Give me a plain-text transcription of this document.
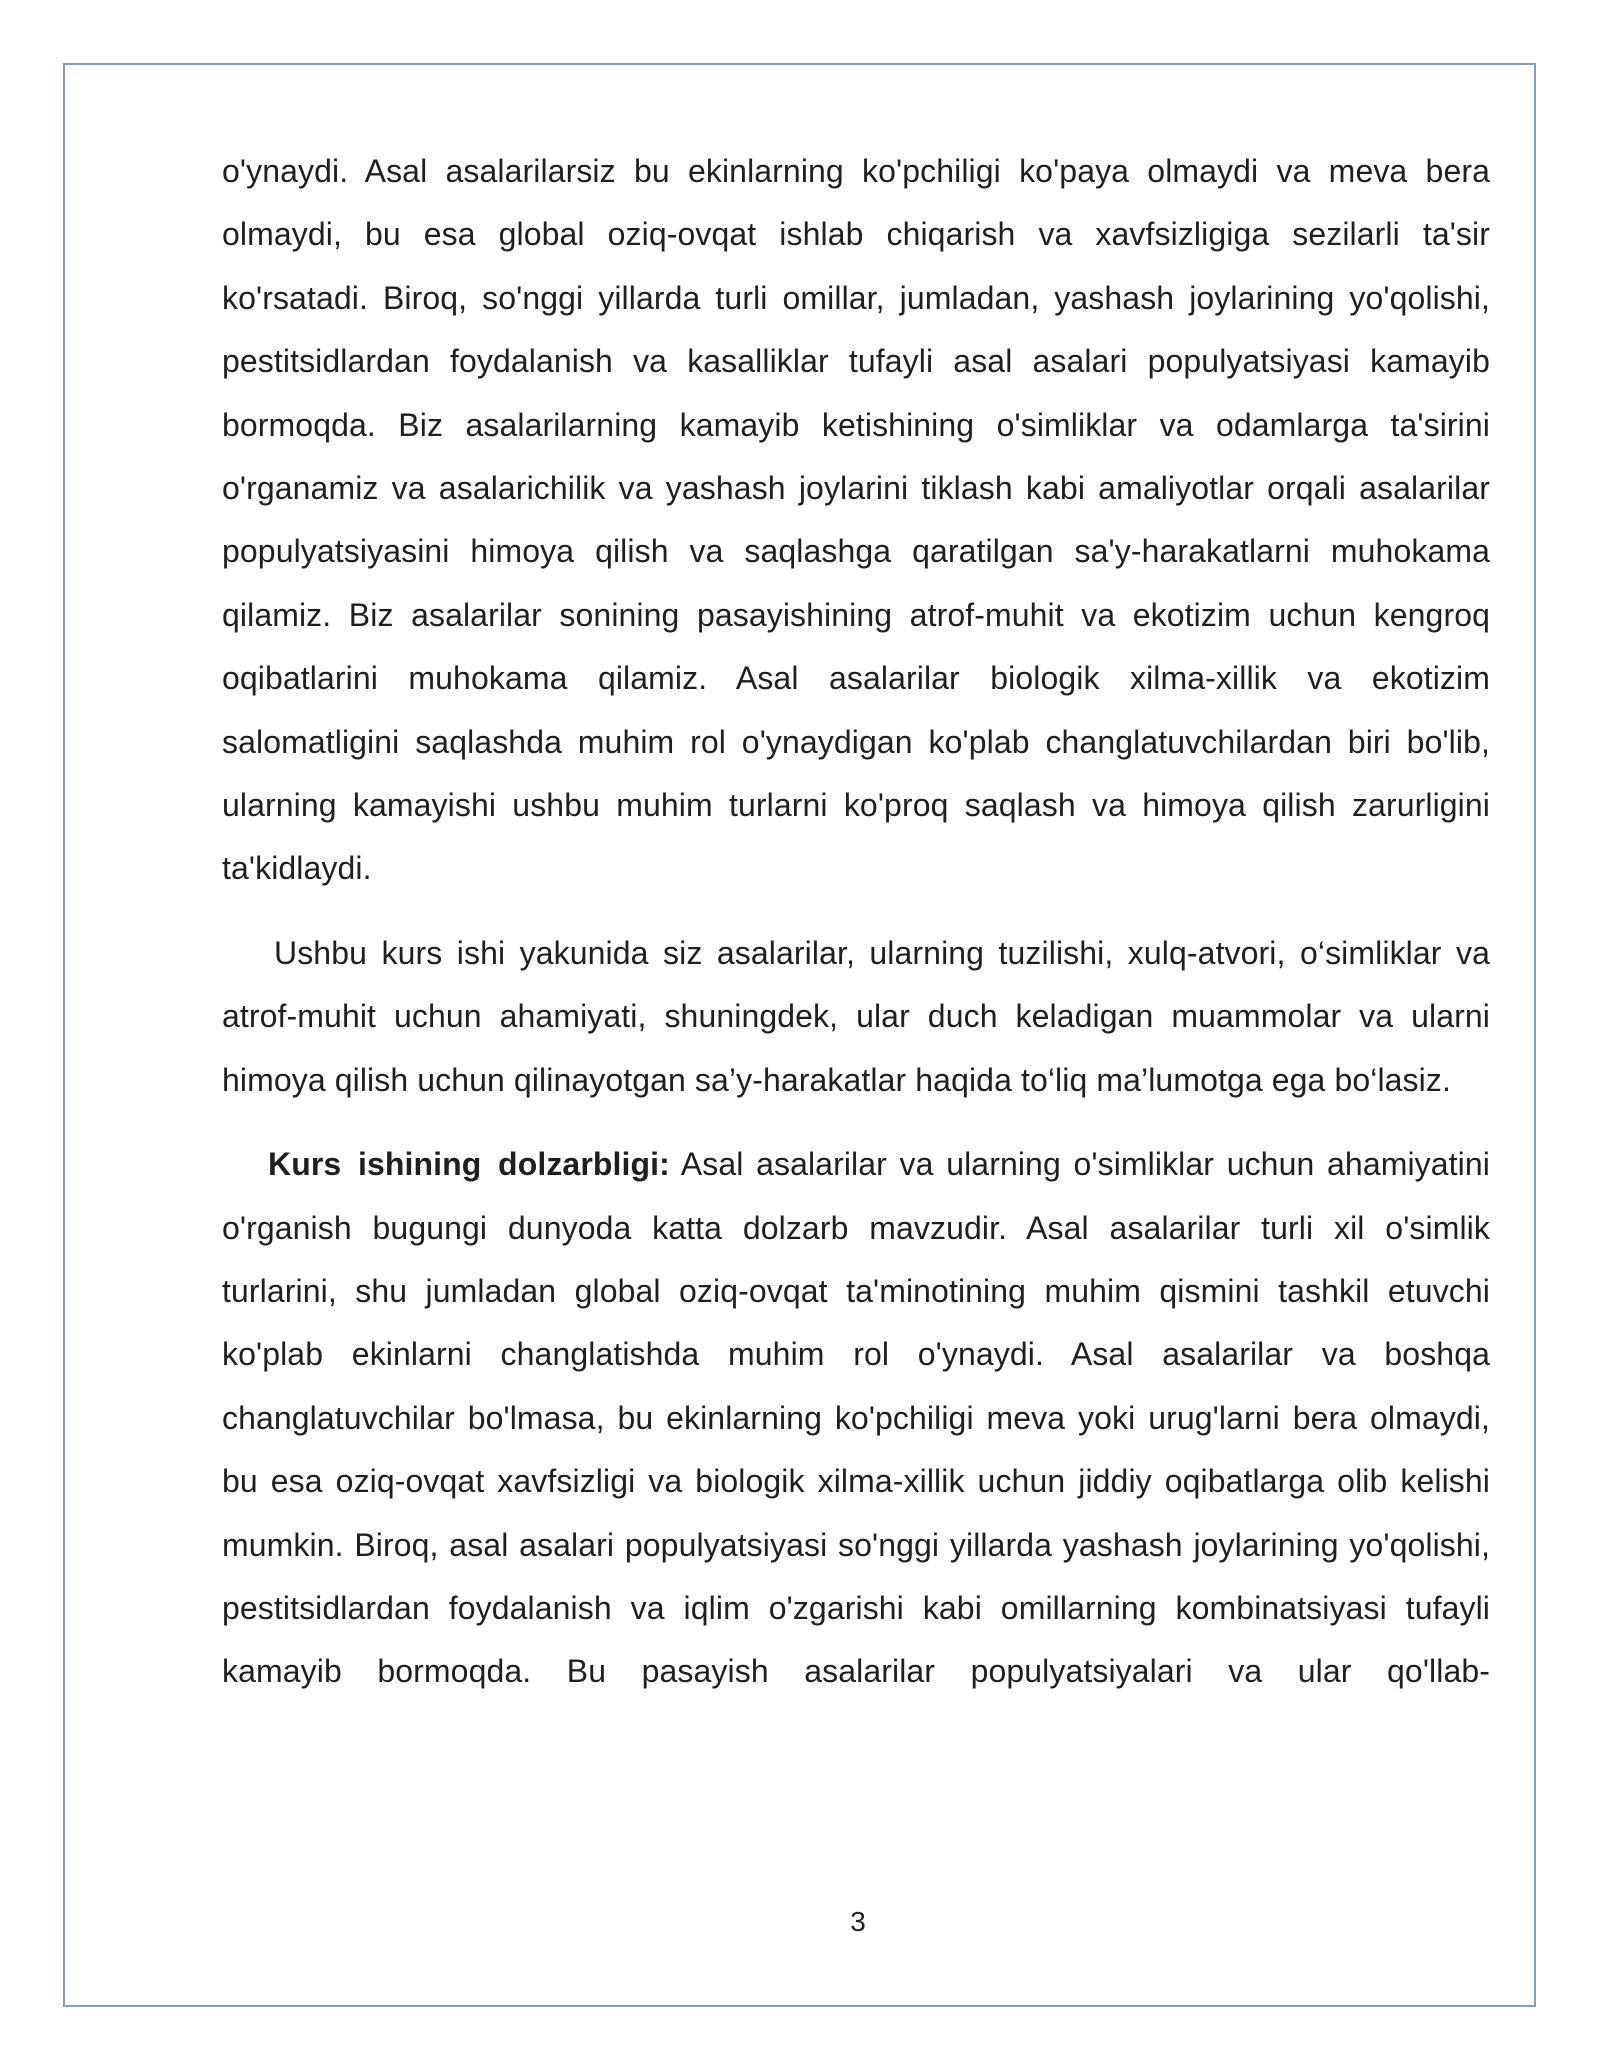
o'ynaydi. Asal asalarilarsiz bu ekinlarning ko'pchiligi ko'paya olmaydi va meva bera olmaydi, bu esa global oziq-ovqat ishlab chiqarish va xavfsizligiga sezilarli ta'sir ko'rsatadi. Biroq, so'nggi yillarda turli omillar, jumladan, yashash joylarining yo'qolishi, pestitsidlardan foydalanish va kasalliklar tufayli asal asalari populyatsiyasi kamayib bormoqda. Biz asalarilarning kamayib ketishining o'simliklar va odamlarga ta'sirini o'rganamiz va asalarichilik va yashash joylarini tiklash kabi amaliyotlar orqali asalarilar populyatsiyasini himoya qilish va saqlashga qaratilgan sa'y-harakatlarni muhokama qilamiz. Biz asalarilar sonining pasayishining atrof-muhit va ekotizim uchun kengroq oqibatlarini muhokama qilamiz. Asal asalarilar biologik xilma-xillik va ekotizim salomatligini saqlashda muhim rol o'ynaydigan ko'plab changlatuvchilardan biri bo'lib, ularning kamayishi ushbu muhim turlarni ko'proq saqlash va himoya qilish zarurligini ta'kidlaydi.

Ushbu kurs ishi yakunida siz asalarilar, ularning tuzilishi, xulq-atvori, o‘simliklar va atrof-muhit uchun ahamiyati, shuningdek, ular duch keladigan muammolar va ularni himoya qilish uchun qilinayotgan sa’y-harakatlar haqida to‘liq ma’lumotga ega bo‘lasiz.

Kurs ishining dolzarbligi: Asal asalarilar va ularning o'simliklar uchun ahamiyatini o'rganish bugungi dunyoda katta dolzarb mavzudir. Asal asalarilar turli xil o'simlik turlarini, shu jumladan global oziq-ovqat ta'minotining muhim qismini tashkil etuvchi ko'plab ekinlarni changlatishda muhim rol o'ynaydi. Asal asalarilar va boshqa changlatuvchilar bo'lmasa, bu ekinlarning ko'pchiligi meva yoki urug'larni bera olmaydi, bu esa oziq-ovqat xavfsizligi va biologik xilma-xillik uchun jiddiy oqibatlarga olib kelishi mumkin. Biroq, asal asalari populyatsiyasi so'nggi yillarda yashash joylarining yo'qolishi, pestitsidlardan foydalanish va iqlim o'zgarishi kabi omillarning kombinatsiyasi tufayli kamayib bormoqda. Bu pasayish asalarilar populyatsiyalari va ular qo'llab-

3
